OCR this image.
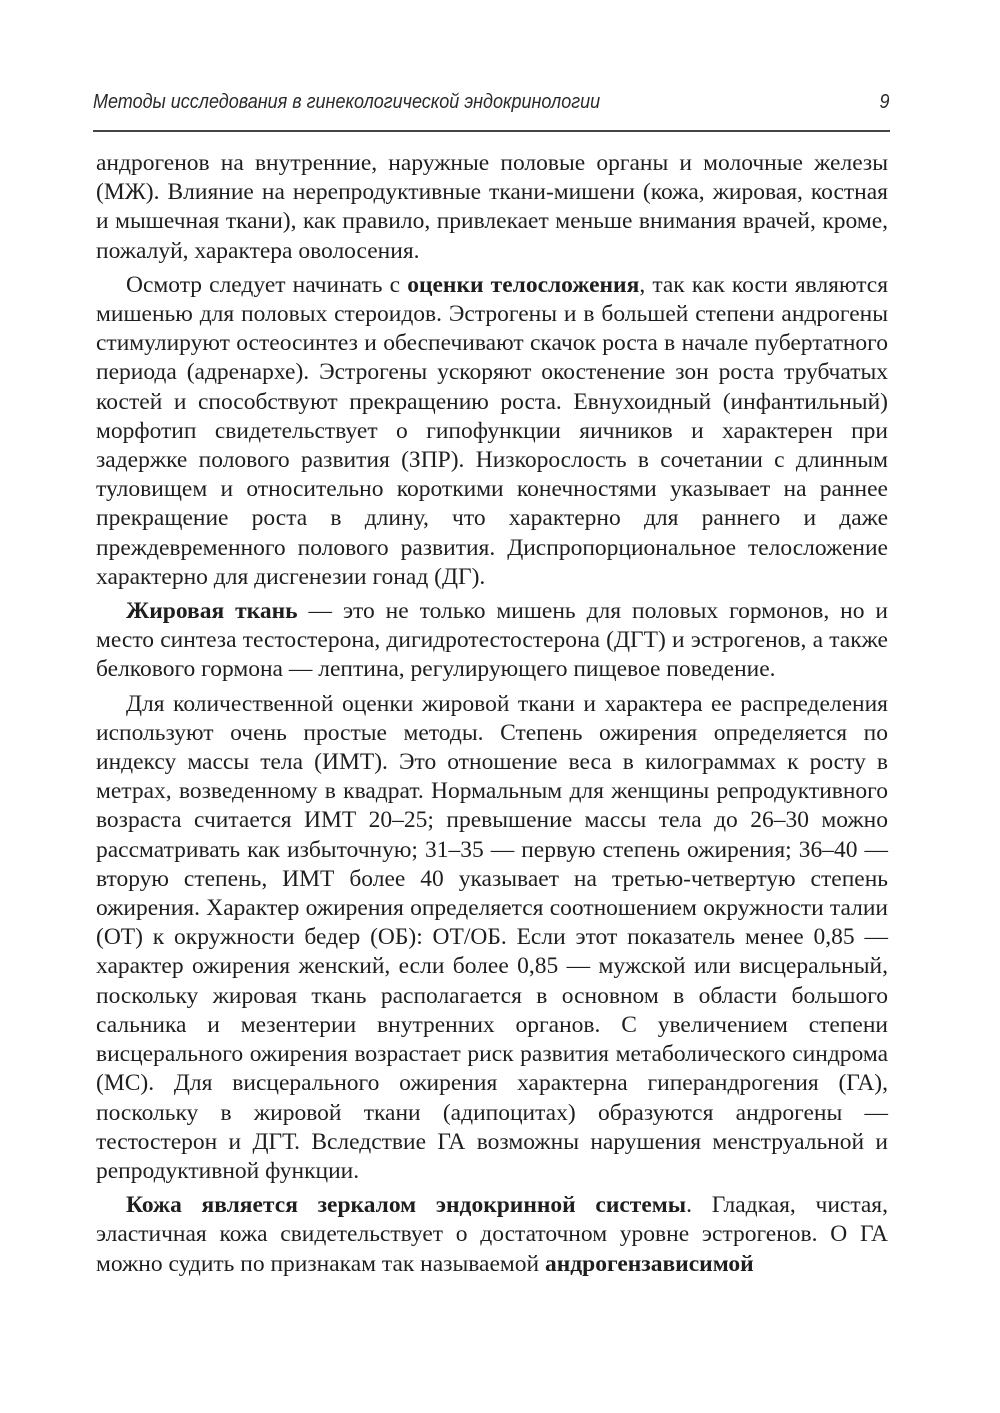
Методы исследования в гинекологической эндокринологии	9

андрогенов на внутренние, наружные половые органы и молочные железы (МЖ). Влияние на нерепродуктивные ткани-мишени (кожа, жировая, костная и мышечная ткани), как правило, привлекает меньше внимания врачей, кроме, пожалуй, характера оволосения.

Осмотр следует начинать с оценки телосложения, так как кости являются мишенью для половых стероидов. Эстрогены и в большей степени андрогены стимулируют остеосинтез и обеспечивают скачок роста в начале пубертатного периода (адренархе). Эстрогены ускоряют окостенение зон роста трубчатых костей и способствуют прекращению роста. Евнухоидный (инфантильный) морфотип свидетельствует о гипофункции яичников и характерен при задержке полового развития (ЗПР). Низкорослость в сочетании с длинным туловищем и относительно короткими конечностями указывает на раннее прекращение роста в длину, что характерно для раннего и даже преждевременного полового развития. Диспропорциональное телосложение характерно для дисгенезии гонад (ДГ).

Жировая ткань — это не только мишень для половых гормонов, но и место синтеза тестостерона, дигидротестостерона (ДГТ) и эстрогенов, а также белкового гормона — лептина, регулирующего пищевое поведение.

Для количественной оценки жировой ткани и характера ее распределения используют очень простые методы. Степень ожирения определяется по индексу массы тела (ИМТ). Это отношение веса в килограммах к росту в метрах, возведенному в квадрат. Нормальным для женщины репродуктивного возраста считается ИМТ 20–25; превышение массы тела до 26–30 можно рассматривать как избыточную; 31–35 — первую степень ожирения; 36–40 — вторую степень, ИМТ более 40 указывает на третью-четвертую степень ожирения. Характер ожирения определяется соотношением окружности талии (ОТ) к окружности бедер (ОБ): ОТ/ОБ. Если этот показатель менее 0,85 — характер ожирения женский, если более 0,85 — мужской или висцеральный, поскольку жировая ткань располагается в основном в области большого сальника и мезентерии внутренних органов. С увеличением степени висцерального ожирения возрастает риск развития метаболического синдрома (МС). Для висцерального ожирения характерна гиперандрогения (ГА), поскольку в жировой ткани (адипоцитах) образуются андрогены — тестостерон и ДГТ. Вследствие ГА возможны нарушения менструальной и репродуктивной функции.

Кожа является зеркалом эндокринной системы. Гладкая, чистая, эластичная кожа свидетельствует о достаточном уровне эстрогенов. О ГА можно судить по признакам так называемой андрогензависимой
